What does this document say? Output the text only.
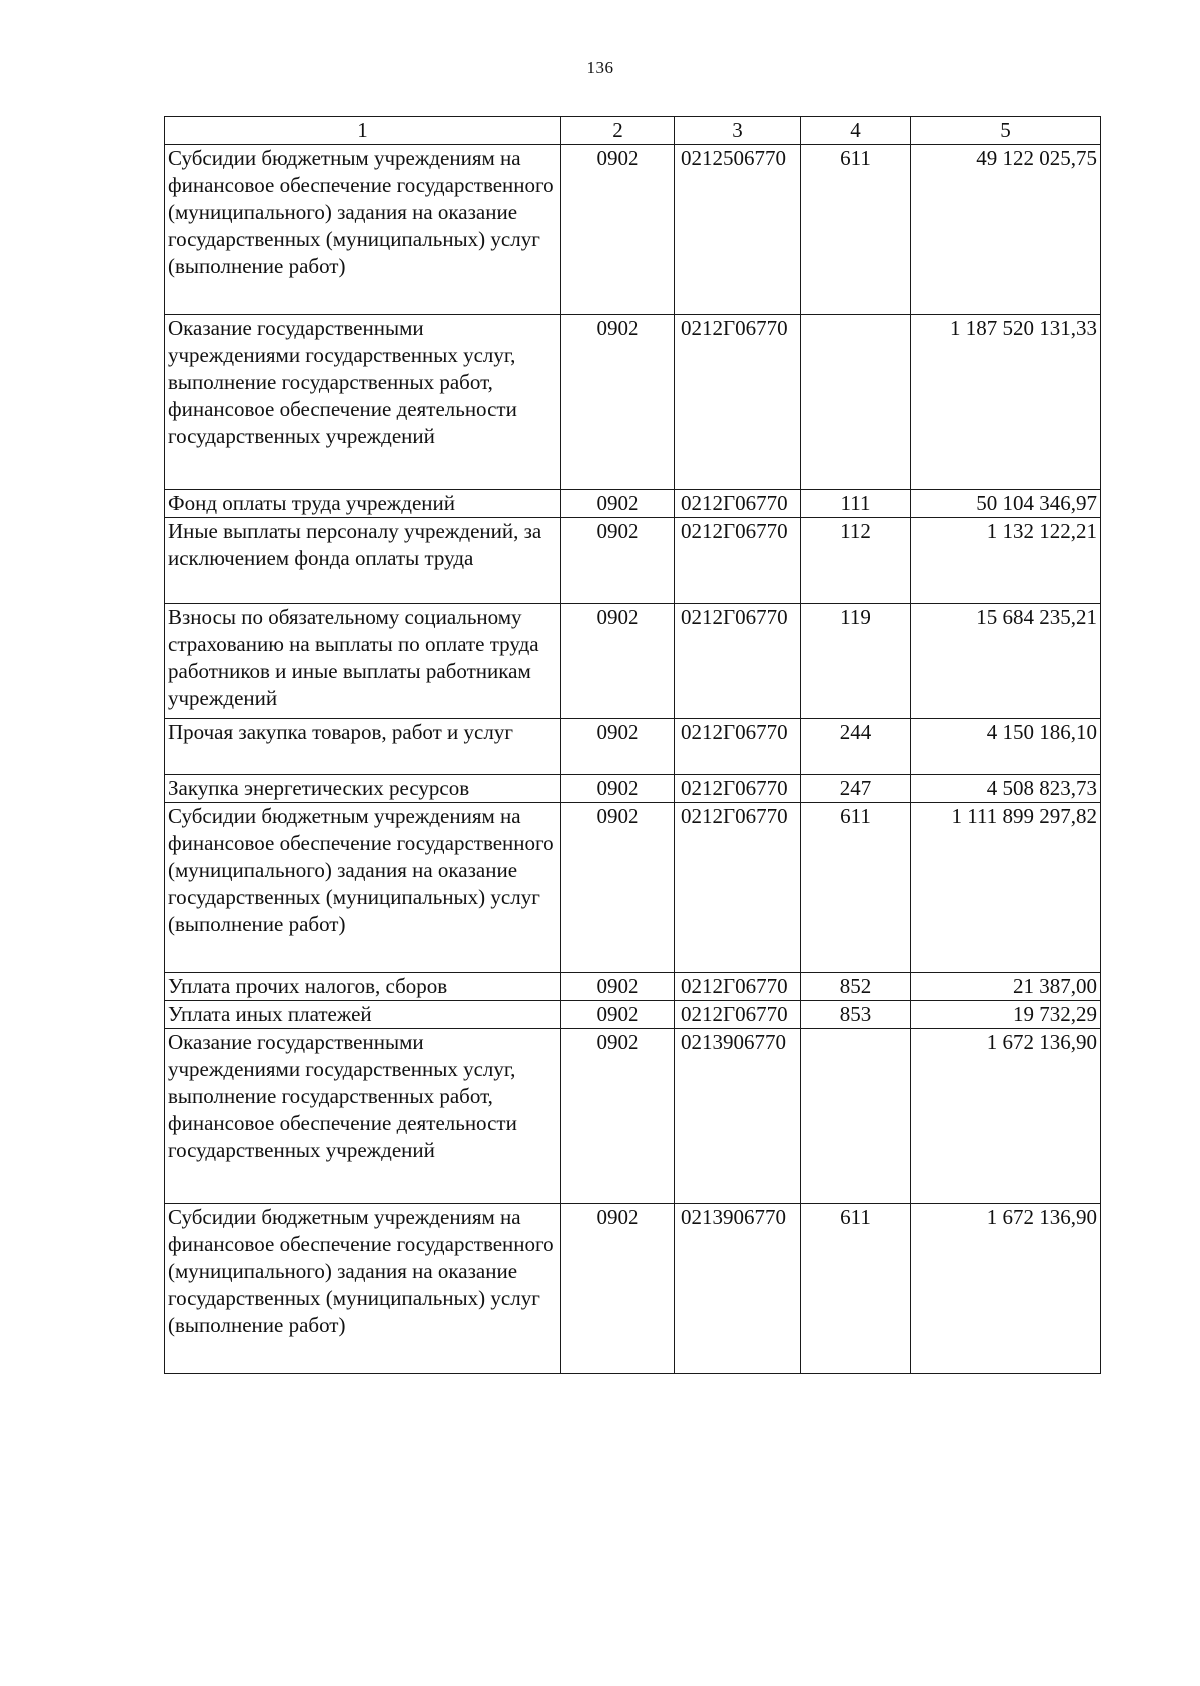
136
1	2	3	4	5
Субсидии бюджетным учреждениям на финансовое обеспечение государственного (муниципального) задания на оказание государственных (муниципальных) услуг (выполнение работ)	0902	0212506770	611	49 122 025,75
Оказание государственными учреждениями государственных услуг, выполнение государственных работ, финансовое обеспечение деятельности государственных учреждений	0902	0212Г06770		1 187 520 131,33
Фонд оплаты труда учреждений	0902	0212Г06770	111	50 104 346,97
Иные выплаты персоналу учреждений, за исключением фонда оплаты труда	0902	0212Г06770	112	1 132 122,21
Взносы по обязательному социальному страхованию на выплаты по оплате труда работников и иные выплаты работникам учреждений	0902	0212Г06770	119	15 684 235,21
Прочая закупка товаров, работ и услуг	0902	0212Г06770	244	4 150 186,10
Закупка энергетических ресурсов	0902	0212Г06770	247	4 508 823,73
Субсидии бюджетным учреждениям на финансовое обеспечение государственного (муниципального) задания на оказание государственных (муниципальных) услуг (выполнение работ)	0902	0212Г06770	611	1 111 899 297,82
Уплата прочих налогов, сборов	0902	0212Г06770	852	21 387,00
Уплата иных платежей	0902	0212Г06770	853	19 732,29
Оказание государственными учреждениями государственных услуг, выполнение государственных работ, финансовое обеспечение деятельности государственных учреждений	0902	0213906770		1 672 136,90
Субсидии бюджетным учреждениям на финансовое обеспечение государственного (муниципального) задания на оказание государственных (муниципальных) услуг (выполнение работ)	0902	0213906770	611	1 672 136,90
